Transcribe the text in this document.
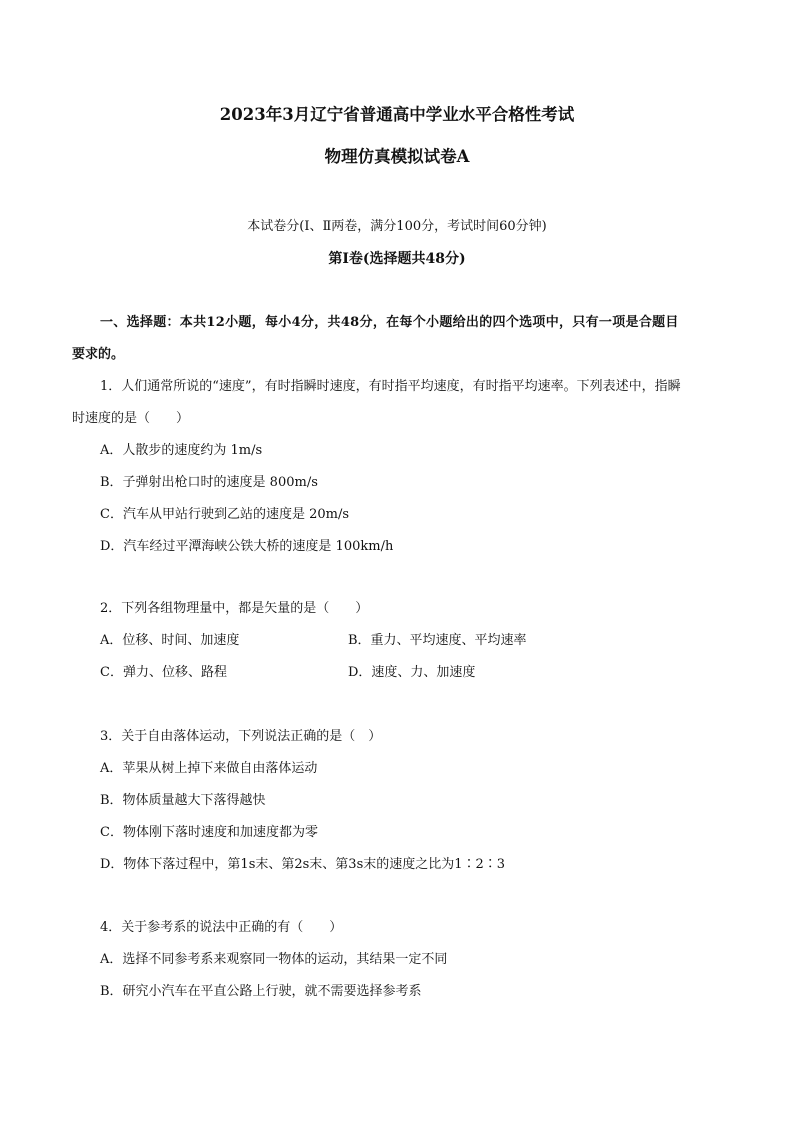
2023年3月辽宁省普通高中学业水平合格性考试
物理仿真模拟试卷A
本试卷分(Ⅰ、Ⅱ两卷，满分100分，考试时间60分钟)
第Ⅰ卷(选择题共48分)
一、选择题：本共12小题，每小4分，共48分，在每个小题给出的四个选项中，只有一项是合题目
要求的。
1．人们通常所说的“速度”，有时指瞬时速度，有时指平均速度，有时指平均速率。下列表述中，指瞬
时速度的是（　　）
A．人散步的速度约为 1m/s
B．子弹射出枪口时的速度是 800m/s
C．汽车从甲站行驶到乙站的速度是 20m/s
D．汽车经过平潭海峡公铁大桥的速度是 100km/h
2．下列各组物理量中，都是矢量的是（　　）
A．位移、时间、加速度	B．重力、平均速度、平均速率
C．弹力、位移、路程	D．速度、力、加速度
3．关于自由落体运动，下列说法正确的是（　）
A．苹果从树上掉下来做自由落体运动
B．物体质量越大下落得越快
C．物体刚下落时速度和加速度都为零
D．物体下落过程中，第1s末、第2s末、第3s末的速度之比为1∶2∶3
4．关于参考系的说法中正确的有（　　）
A．选择不同参考系来观察同一物体的运动，其结果一定不同
B．研究小汽车在平直公路上行驶，就不需要选择参考系
